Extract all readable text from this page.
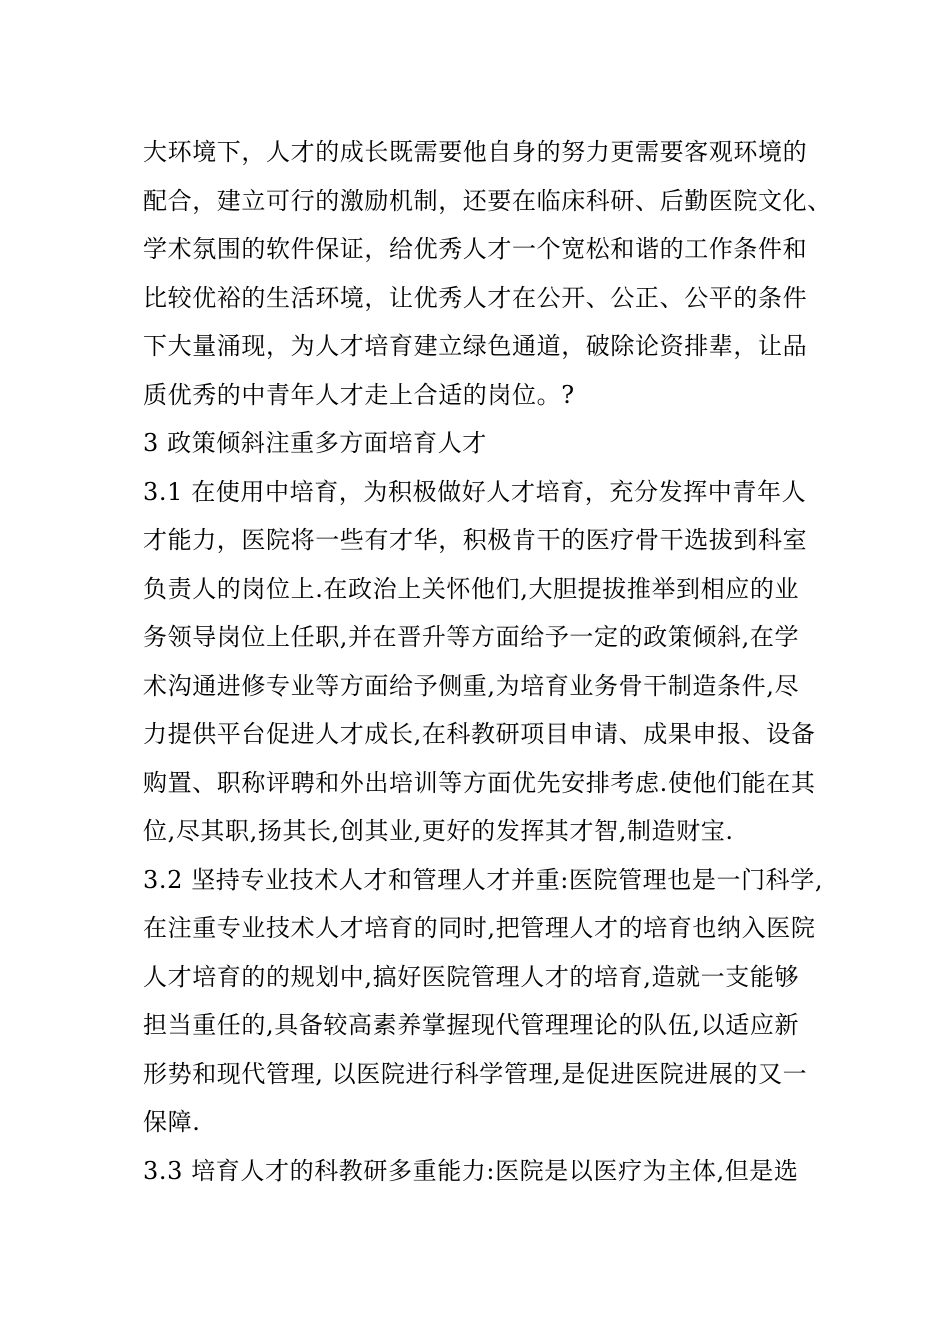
大环境下，人才的成长既需要他自身的努力更需要客观环境的
配合，建立可行的激励机制，还要在临床科研、后勤医院文化、
学术氛围的软件保证，给优秀人才一个宽松和谐的工作条件和
比较优裕的生活环境，让优秀人才在公开、公正、公平的条件
下大量涌现，为人才培育建立绿色通道，破除论资排辈，让品
质优秀的中青年人才走上合适的岗位。?
3 政策倾斜注重多方面培育人才
3.1 在使用中培育，为积极做好人才培育，充分发挥中青年人
才能力，医院将一些有才华，积极肯干的医疗骨干选拔到科室
负责人的岗位上.在政治上关怀他们,大胆提拔推举到相应的业
务领导岗位上任职,并在晋升等方面给予一定的政策倾斜,在学
术沟通进修专业等方面给予侧重,为培育业务骨干制造条件,尽
力提供平台促进人才成长,在科教研项目申请、成果申报、设备
购置、职称评聘和外出培训等方面优先安排考虑.使他们能在其
位,尽其职,扬其长,创其业,更好的发挥其才智,制造财宝.
3.2 坚持专业技术人才和管理人才并重:医院管理也是一门科学,
在注重专业技术人才培育的同时,把管理人才的培育也纳入医院
人才培育的的规划中,搞好医院管理人才的培育,造就一支能够
担当重任的,具备较高素养掌握现代管理理论的队伍,以适应新
形势和现代管理, 以医院进行科学管理,是促进医院进展的又一
保障.
3.3 培育人才的科教研多重能力:医院是以医疗为主体,但是选
